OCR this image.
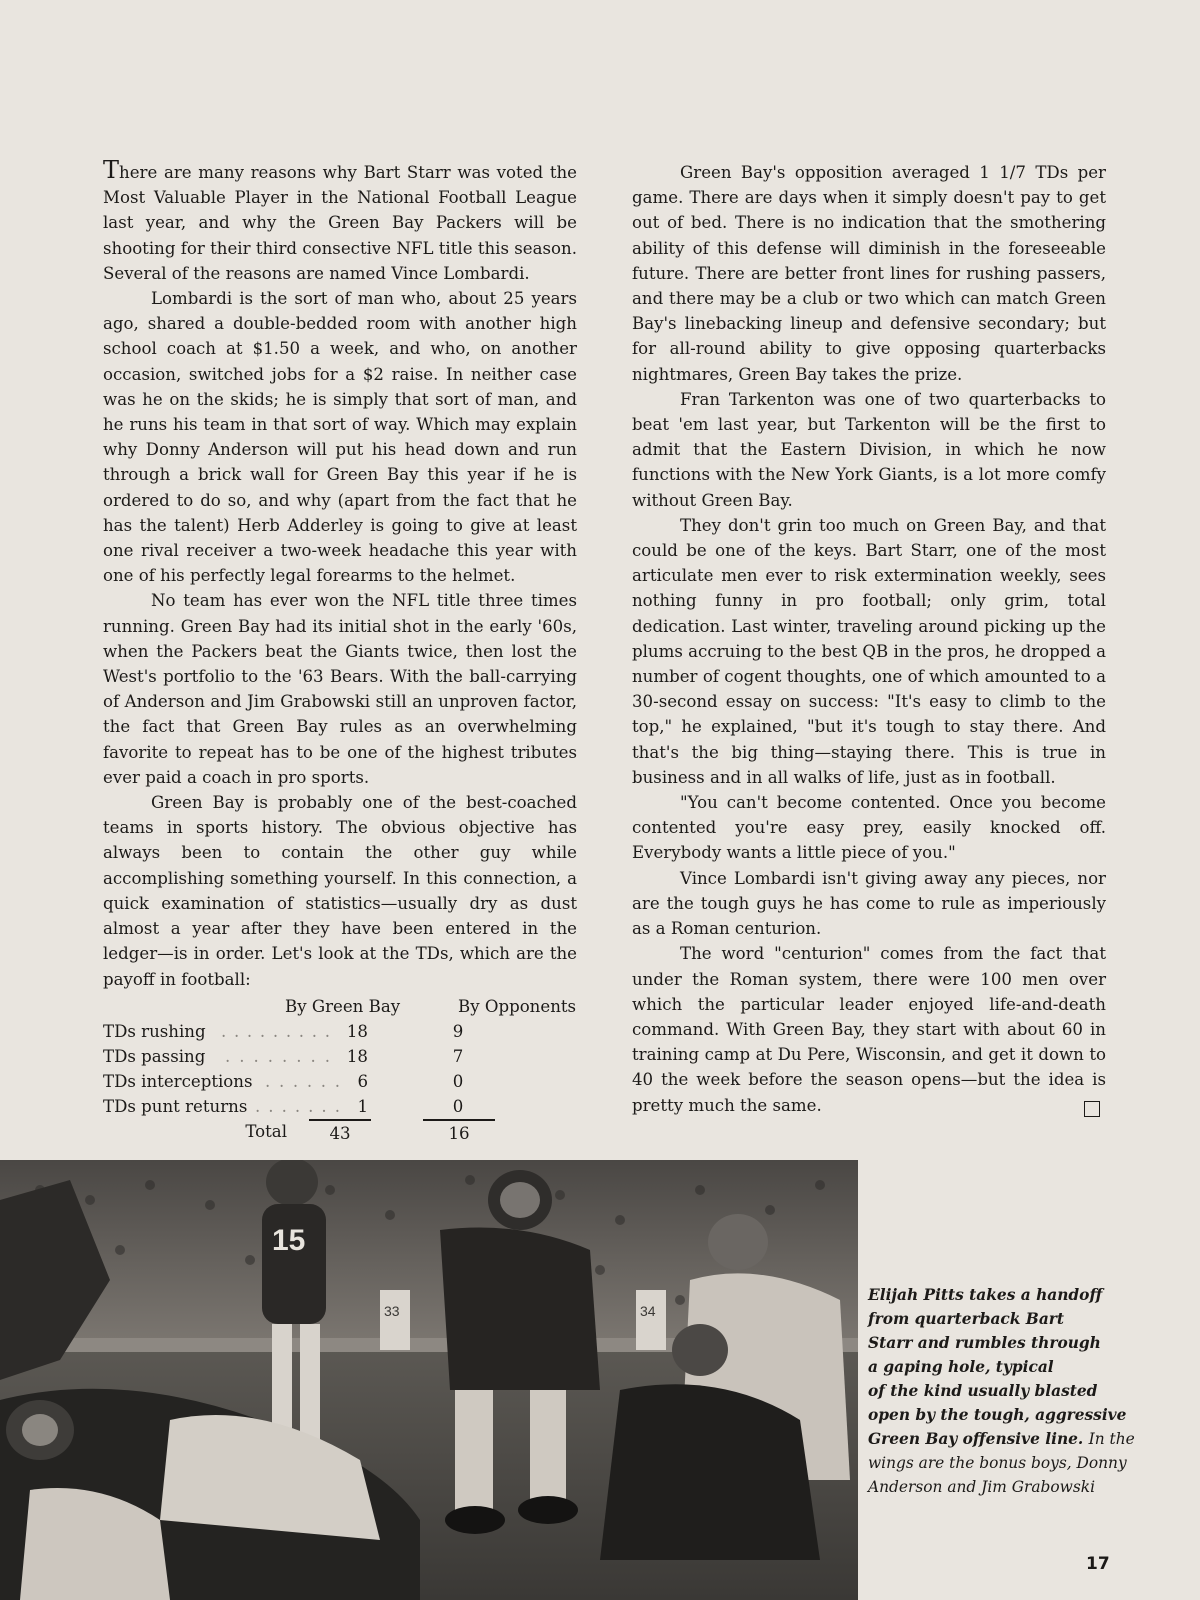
There are many reasons why Bart Starr was voted the Most Valuable Player in the National Football League last year, and why the Green Bay Packers will be shooting for their third consective NFL title this season. Several of the reasons are named Vince Lombardi.

Lombardi is the sort of man who, about 25 years ago, shared a double-bedded room with another high school coach at $1.50 a week, and who, on another occasion, switched jobs for a $2 raise. In neither case was he on the skids; he is simply that sort of man, and he runs his team in that sort of way. Which may explain why Donny Anderson will put his head down and run through a brick wall for Green Bay this year if he is ordered to do so, and why (apart from the fact that he has the talent) Herb Adderley is going to give at least one rival receiver a two-week headache this year with one of his perfectly legal forearms to the helmet.

No team has ever won the NFL title three times running. Green Bay had its initial shot in the early '60s, when the Packers beat the Giants twice, then lost the West's portfolio to the '63 Bears. With the ball-carrying of Anderson and Jim Grabowski still an unproven factor, the fact that Green Bay rules as an overwhelming favorite to repeat has to be one of the highest tributes ever paid a coach in pro sports.

Green Bay is probably one of the best-coached teams in sports history. The obvious objective has always been to contain the other guy while accomplishing something yourself. In this connection, a quick examination of statistics—usually dry as dust almost a year after they have been entered in the ledger—is in order. Let's look at the TDs, which are the payoff in football:

By Green Bay	By Opponents
TDs rushing . . . . . . . . . 18	9
TDs passing . . . . . . . . 18	7
TDs interceptions . . . . . . 6	0
TDs punt returns . . . . . . . 1	0
Total	43	16

Green Bay's opposition averaged 1 1/7 TDs per game. There are days when it simply doesn't pay to get out of bed. There is no indication that the smothering ability of this defense will diminish in the foreseeable future. There are better front lines for rushing passers, and there may be a club or two which can match Green Bay's linebacking lineup and defensive secondary; but for all-round ability to give opposing quarterbacks nightmares, Green Bay takes the prize.

Fran Tarkenton was one of two quarterbacks to beat 'em last year, but Tarkenton will be the first to admit that the Eastern Division, in which he now functions with the New York Giants, is a lot more comfy without Green Bay.

They don't grin too much on Green Bay, and that could be one of the keys. Bart Starr, one of the most articulate men ever to risk extermination weekly, sees nothing funny in pro football; only grim, total dedication. Last winter, traveling around picking up the plums accruing to the best QB in the pros, he dropped a number of cogent thoughts, one of which amounted to a 30-second essay on success: "It's easy to climb to the top," he explained, "but it's tough to stay there. And that's the big thing—staying there. This is true in business and in all walks of life, just as in football.

"You can't become contented. Once you become contented you're easy prey, easily knocked off. Everybody wants a little piece of you."

Vince Lombardi isn't giving away any pieces, nor are the tough guys he has come to rule as imperiously as a Roman centurion.

The word "centurion" comes from the fact that under the Roman system, there were 100 men over which the particular leader enjoyed life-and-death command. With Green Bay, they start with about 60 in training camp at Du Pere, Wisconsin, and get it down to 40 the week before the season opens—but the idea is pretty much the same.

15
33	34
Elijah Pitts takes a handoff
from quarterback Bart
Starr and rumbles through
a gaping hole, typical
of the kind usually blasted
open by the tough, aggressive
Green Bay offensive line. In the
wings are the bonus boys, Donny
Anderson and Jim Grabowski
17
